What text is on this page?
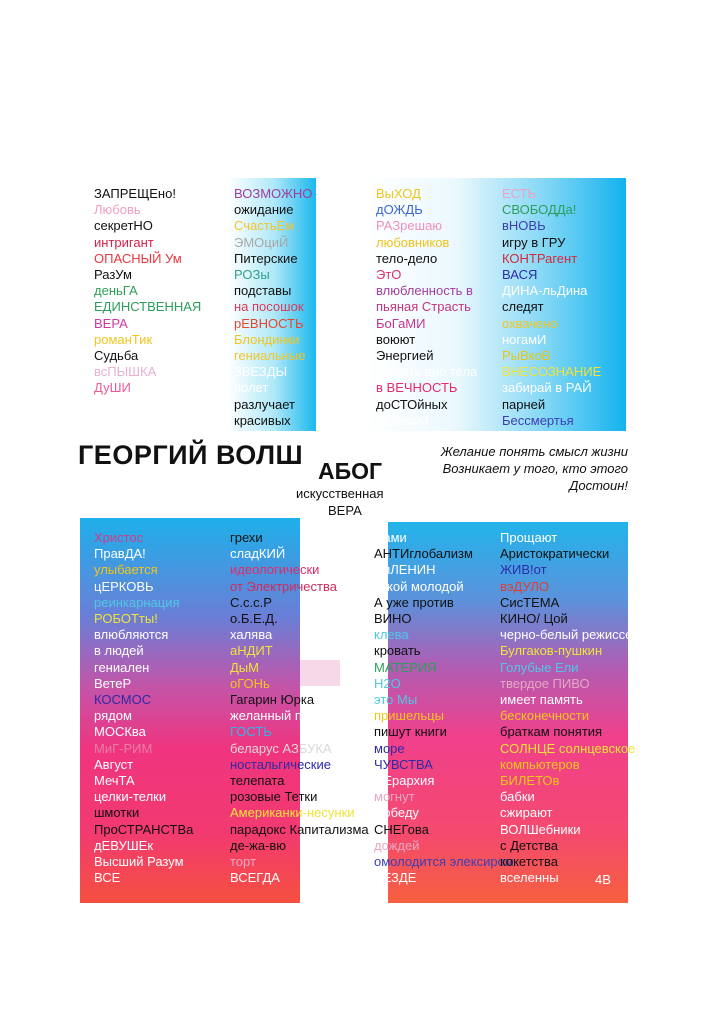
ЗАПРЕЩЕно!
Любовь
секретНО
интригант
ОПАСНЫЙ Ум
РазУм
деньГА
ЕДИНСТВЕННАЯ
ВЕРА
романТик
Судьба
всПЫШКА
ДуШИ
Ангел
Хранитель
ВОЗМОЖНО
ожидание
СчастьЕм
ЭМОциЙ
Питерские
РОЗы
подставы
на посошок
рЕВНОСТЬ
Блондинки
гениальные
ЗВЕЗДЫ
полет
разлучает
красивых
ВыХОД
дОЖДЬ
РАЗрешаю
любовников
тело-дело
ЭтО
влюбленность в
пьяная Страсть
БоГаМИ
воюют
Энергией
Память вне тела
в ВЕЧНОСТЬ
доСТОйных
иллюзий
ЕСТЬ
СВОБОДДа!
вНОВЬ
игру в ГРУ
КОНТРагент
ВАСЯ
ДИНА-льДина
следят
охвачено
ногамИ
РыВкоВ
ВНЕСОЗНАНИЕ
забирай в РАЙ
парней
Бессмертья
Христос
ПравДА!
улыбается
цЕРКОВЬ
реинкарнация
РОБОТты!
влюбляются
в людей
гениален
ВетеР
КОСМОС
рядом
МОСКва
МиГ-РИМ
Август
МечТА
целки-телки
шмотки
ПроСТРАНСТВа
дЕВУШЕк
Высший Разум
ВСЕ
грехи
сладКИЙ
идеологически
от Электричества
С.с.с.Р
о.Б.Е.Д.
халява
аНДИТ
ДыМ
оГОНь
Гагарин Юрка
желанный первый
ГОСТЬ
беларус АЗБУКА
ностальгические
телепата
розовые Тетки
Американки-несунки
парадокс Капитализма
де-жа-вю
торт
ВСЕГДА
Нами
АНТИглобализм
миЛЕНИН
такой молодой
А уже против
ВИНО
клева
кровать
МАТЕРИЯ
Н2О
это Мы
пришельцы
пишут книги
море
ЧУВСТВА
ЙЕрархия
могнут
Победу
СНЕГова
дождей
омолодится элексиром
ВЕЗДЕ
Прощают
Аристократически
ЖИВ!от
вэДУЛО
СисТЕМА
КИНО/ Цой
черно-белый режиссер
Булгаков-пушкин
Голубые Ели
твердое ПИВО
имеет память
бесконечности
браткам понятия
СОЛНЦЕ солнцевское
компьютеров
БИЛЕТОв
бабки
сжирают
ВОЛШебники
с Детства
кокетства
вселенны
ГЕОРГИЙ ВОЛШ
АБОГ
искусственная
ВЕРА
Желание понять смысл жизни
Возникает у того, кто этого
Достоин!
4В
